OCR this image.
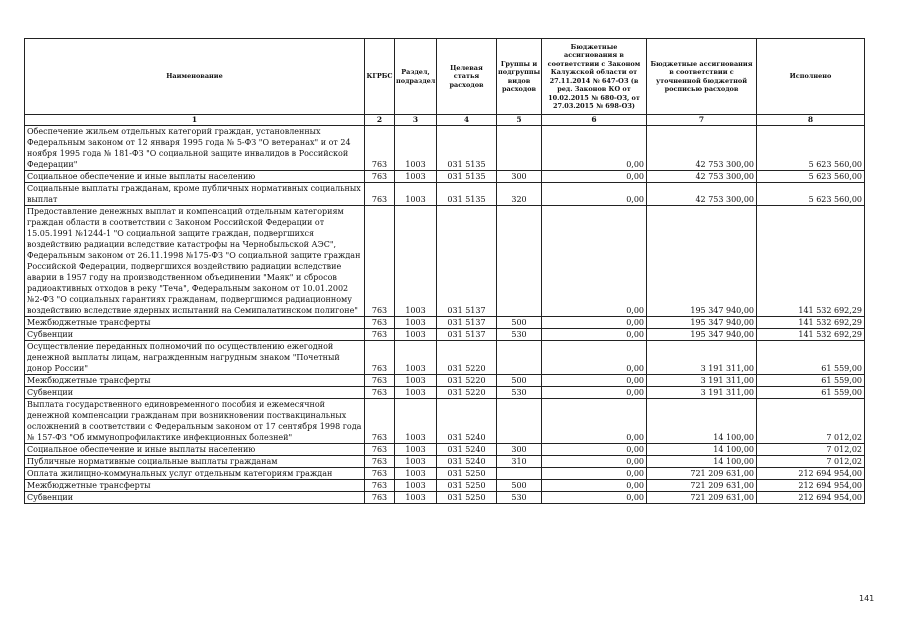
Наименование	КГРБС	Раздел, подраздел	Целевая статья расходов	Группы и подгруппы видов расходов	Бюджетные ассигнования в соответствии с Законом Калужской области от 27.11.2014 № 647-ОЗ (в ред. Законов КО от 10.02.2015 № 680-ОЗ, от 27.03.2015 № 698-ОЗ)	Бюджетные ассигнования в соответствии с уточненной бюджетной росписью расходов	Исполнено
1	2	3	4	5	6	7	8
Обеспечение жильем отдельных категорий граждан, установленных Федеральным законом от 12 января 1995 года № 5-ФЗ "О ветеранах" и от 24 ноября 1995 года № 181-ФЗ "О социальной защите инвалидов в Российской Федерации"	763	1003	031 5135		0,00	42 753 300,00	5 623 560,00
Социальное обеспечение и иные выплаты населению	763	1003	031 5135	300	0,00	42 753 300,00	5 623 560,00
Социальные выплаты гражданам, кроме публичных нормативных социальных выплат	763	1003	031 5135	320	0,00	42 753 300,00	5 623 560,00
Предоставление денежных выплат и компенсаций отдельным категориям граждан области в соответствии с Законом Российской Федерации от 15.05.1991 №1244-1 "О социальной защите граждан, подвергшихся воздействию радиации вследствие катастрофы на Чернобыльской АЭС", Федеральным законом от 26.11.1998 №175-ФЗ "О социальной защите граждан Российской Федерации, подвергшихся воздействию радиации вследствие аварии в 1957 году на производственном объединении "Маяк" и сбросов радиоактивных отходов в реку "Теча", Федеральным законом от 10.01.2002 №2-ФЗ "О социальных гарантиях гражданам, подвергшимся радиационному воздействию вследствие ядерных испытаний на Семипалатинском полигоне"	763	1003	031 5137		0,00	195 347 940,00	141 532 692,29
Межбюджетные трансферты	763	1003	031 5137	500	0,00	195 347 940,00	141 532 692,29
Субвенции	763	1003	031 5137	530	0,00	195 347 940,00	141 532 692,29
Осуществление переданных полномочий по осуществлению ежегодной денежной выплаты лицам, награжденным нагрудным знаком "Почетный донор России"	763	1003	031 5220		0,00	3 191 311,00	61 559,00
Межбюджетные трансферты	763	1003	031 5220	500	0,00	3 191 311,00	61 559,00
Субвенции	763	1003	031 5220	530	0,00	3 191 311,00	61 559,00
Выплата государственного единовременного пособия и ежемесячной денежной компенсации гражданам при возникновении поствакцинальных осложнений в соответствии с Федеральным законом от 17 сентября 1998 года № 157-ФЗ "Об иммунопрофилактике инфекционных болезней"	763	1003	031 5240		0,00	14 100,00	7 012,02
Социальное обеспечение и иные выплаты населению	763	1003	031 5240	300	0,00	14 100,00	7 012,02
Публичные нормативные социальные выплаты гражданам	763	1003	031 5240	310	0,00	14 100,00	7 012,02
Оплата жилищно-коммунальных услуг отдельным категориям граждан	763	1003	031 5250		0,00	721 209 631,00	212 694 954,00
Межбюджетные трансферты	763	1003	031 5250	500	0,00	721 209 631,00	212 694 954,00
Субвенции	763	1003	031 5250	530	0,00	721 209 631,00	212 694 954,00
141
